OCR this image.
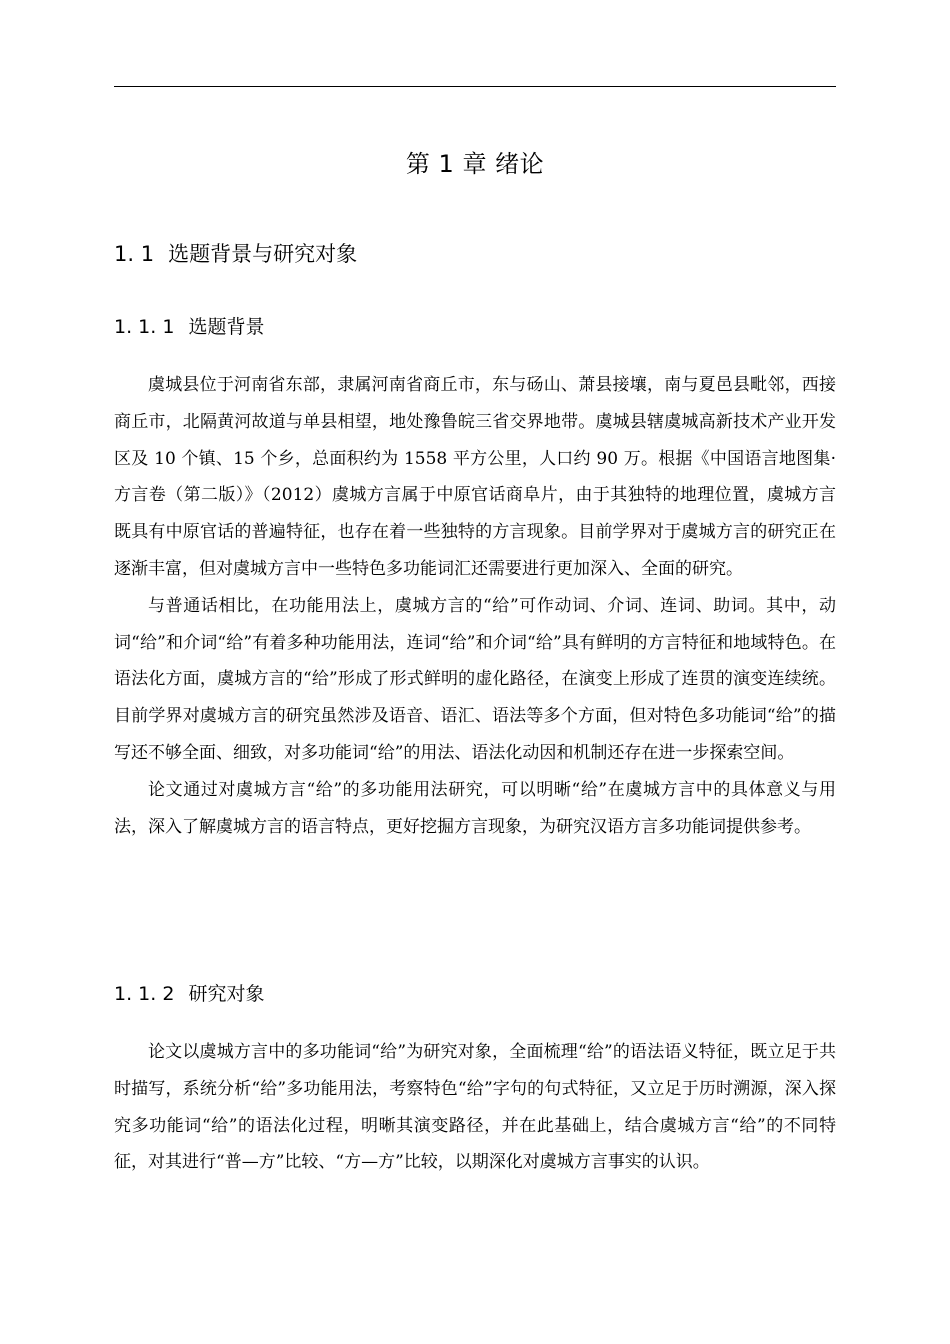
第 1 章 绪论
1. 1 选题背景与研究对象
1. 1. 1 选题背景

虞城县位于河南省东部，隶属河南省商丘市，东与砀山、萧县接壤，南与夏邑县毗邻，西接商丘市，北隔黄河故道与单县相望，地处豫鲁皖三省交界地带。虞城县辖虞城高新技术产业开发区及 10 个镇、15 个乡，总面积约为 1558 平方公里，人口约 90 万。根据《中国语言地图集·方言卷（第二版）》（2012）虞城方言属于中原官话商阜片，由于其独特的地理位置，虞城方言既具有中原官话的普遍特征，也存在着一些独特的方言现象。目前学界对于虞城方言的研究正在逐渐丰富，但对虞城方言中一些特色多功能词汇还需要进行更加深入、全面的研究。

与普通话相比，在功能用法上，虞城方言的“给”可作动词、介词、连词、助词。其中，动词“给”和介词“给”有着多种功能用法，连词“给”和介词“给”具有鲜明的方言特征和地域特色。在语法化方面，虞城方言的“给”形成了形式鲜明的虚化路径，在演变上形成了连贯的演变连续统。目前学界对虞城方言的研究虽然涉及语音、语汇、语法等多个方面，但对特色多功能词“给”的描写还不够全面、细致，对多功能词“给”的用法、语法化动因和机制还存在进一步探索空间。

论文通过对虞城方言“给”的多功能用法研究，可以明晰“给”在虞城方言中的具体意义与用法，深入了解虞城方言的语言特点，更好挖掘方言现象，为研究汉语方言多功能词提供参考。

1. 1. 2 研究对象

论文以虞城方言中的多功能词“给”为研究对象，全面梳理“给”的语法语义特征，既立足于共时描写，系统分析“给”多功能用法，考察特色“给”字句的句式特征，又立足于历时溯源，深入探究多功能词“给”的语法化过程，明晰其演变路径，并在此基础上，结合虞城方言“给”的不同特征，对其进行“普—方”比较、“方—方”比较，以期深化对虞城方言事实的认识。
